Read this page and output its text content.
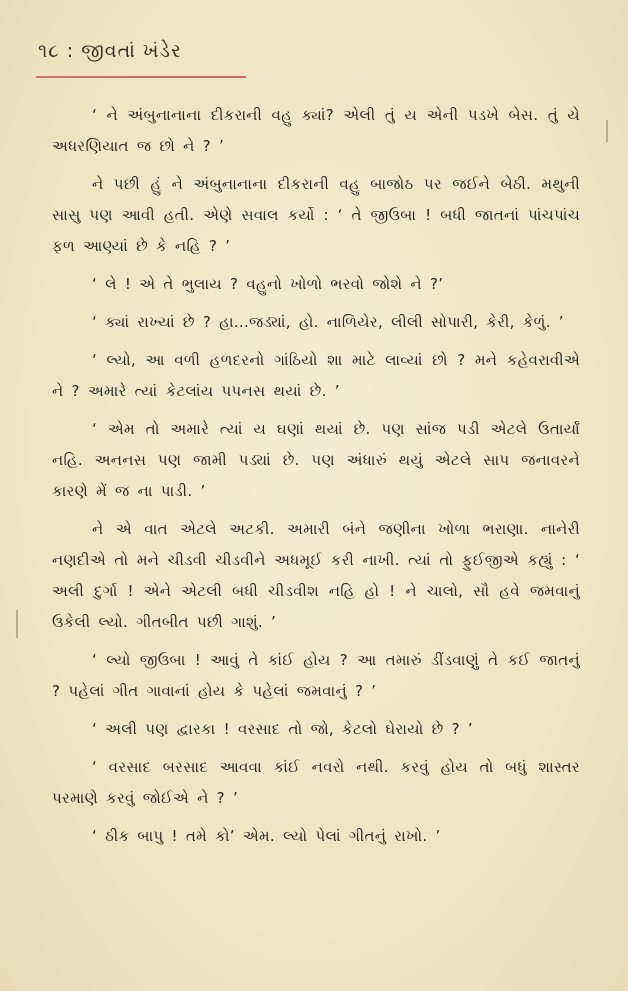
૧૮ : જીવતાં ખંડેર

‘ ને અંબુનાનાના દીકરાની વહુ ક્યાં? એલી તું ય એની પડખે બેસ. તું યે અધરણિયાત જ છો ને ? ’

ને પછી હું ને અંબુનાનાના દીકરાની વહુ બાજોઠ પર જઈને બેઠી. મથુની સાસુ પણ આવી હતી. એણે સવાલ કર્યો : ‘ તે જીઉબા ! બધી જાતનાં પાંચપાંચ ફળ આણ્યાં છે કે નહિ ? ’

‘ લે ! એ તે ભુલાય ? વહુનો ખોળો ભરવો જોશે ને ?’

‘ ક્યાં રાખ્યાં છે ? હા...જડ્યાં, હો. નાળિયેર, લીલી સોપારી, કેરી, કેળું. ’

‘ લ્યો, આ વળી હળદરનો ગાંઠિયો શા માટે લાવ્યાં છો ? મને કહેવરાવીએ ને ? અમારે ત્યાં કેટલાંય પપનસ થયાં છે. ’

‘ એમ તો અમારે ત્યાં ય ઘણાં થયાં છે. પણ સાંજ પડી એટલે ઉતાર્યાં નહિ. અનનસ પણ જામી પડ્યાં છે. પણ અંધારું થયું એટલે સાપ જનાવરને કારણે મેં જ ના પાડી. ’

ને એ વાત એટલે અટકી. અમારી બંને જણીના ખોળા ભરાણા. નાનેરી નણદીએ તો મને ચીડવી ચીડવીને અધમૂઈ કરી નાખી. ત્યાં તો ફુઈજીએ કહ્યું : ‘ અલી દુર્ગા ! એને એટલી બધી ચીડવીશ નહિ હો ! ને ચાલો, સૌ હવે જમવાનું ઉકેલી લ્યો. ગીતબીત પછી ગાશું. ’

‘ લ્યો જીઉબા ! આવું તે કાંઈ હોય ? આ તમારું ડીંડવાણું તે કઈ જાતનું ? પહેલાં ગીત ગાવાનાં હોય કે પહેલાં જમવાનું ? ’

‘ અલી પણ દ્વારકા ! વરસાદ તો જો, કેટલો ઘેરાયો છે ? ’

‘ વરસાદ બરસાદ આવવા કાંઈ નવરો નથી. કરવું હોય તો બધું શાસ્તર પરમાણે કરવું જોઈએ ને ? ’

‘ ઠીક બાપુ ! તમે કો’ એમ. લ્યો પેલાં ગીતનું રાખો. ’
